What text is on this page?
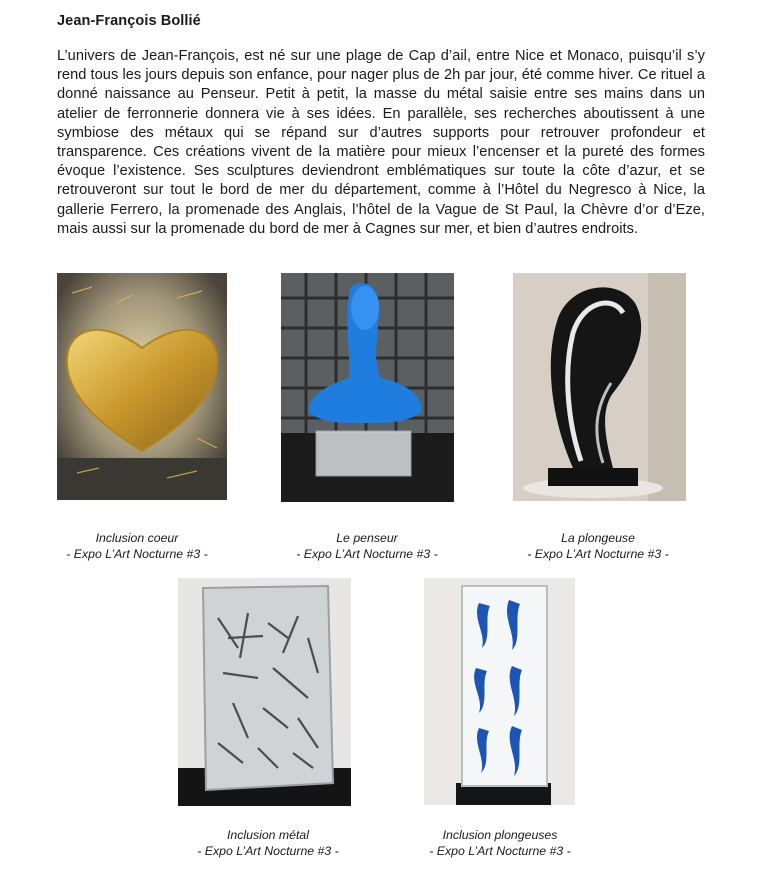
Jean-François Bollié

L’univers de Jean-François, est né sur une plage de Cap d’ail, entre Nice et Monaco, puisqu’il s’y rend tous les jours depuis son enfance, pour nager plus de 2h par jour, été comme hiver. Ce rituel a donné naissance au Penseur. Petit à petit, la masse du métal saisie entre ses mains dans un atelier de ferronnerie donnera vie à ses idées. En parallèle, ses recherches aboutissent à une symbiose des métaux qui se répand sur d’autres supports pour retrouver profondeur et transparence. Ces créations vivent de la matière pour mieux l’encenser et la pureté des formes évoque l’existence. Ses sculptures deviendront emblématiques sur toute la côte d’azur, et se retrouveront sur tout le bord de mer du département, comme à l’Hôtel du Negresco à Nice, la gallerie Ferrero, la promenade des Anglais, l’hôtel de la Vague de St Paul, la Chèvre d’or d’Eze, mais aussi sur la promenade du bord de mer à Cagnes sur mer, et bien d’autres endroits.

Inclusion coeur
- Expo L’Art Nocturne #3 -
Le penseur
- Expo L’Art Nocturne #3 -
La plongeuse
- Expo L’Art Nocturne #3 -
Inclusion métal
- Expo L’Art Nocturne #3 -
Inclusion plongeuses
- Expo L’Art Nocturne #3 -
